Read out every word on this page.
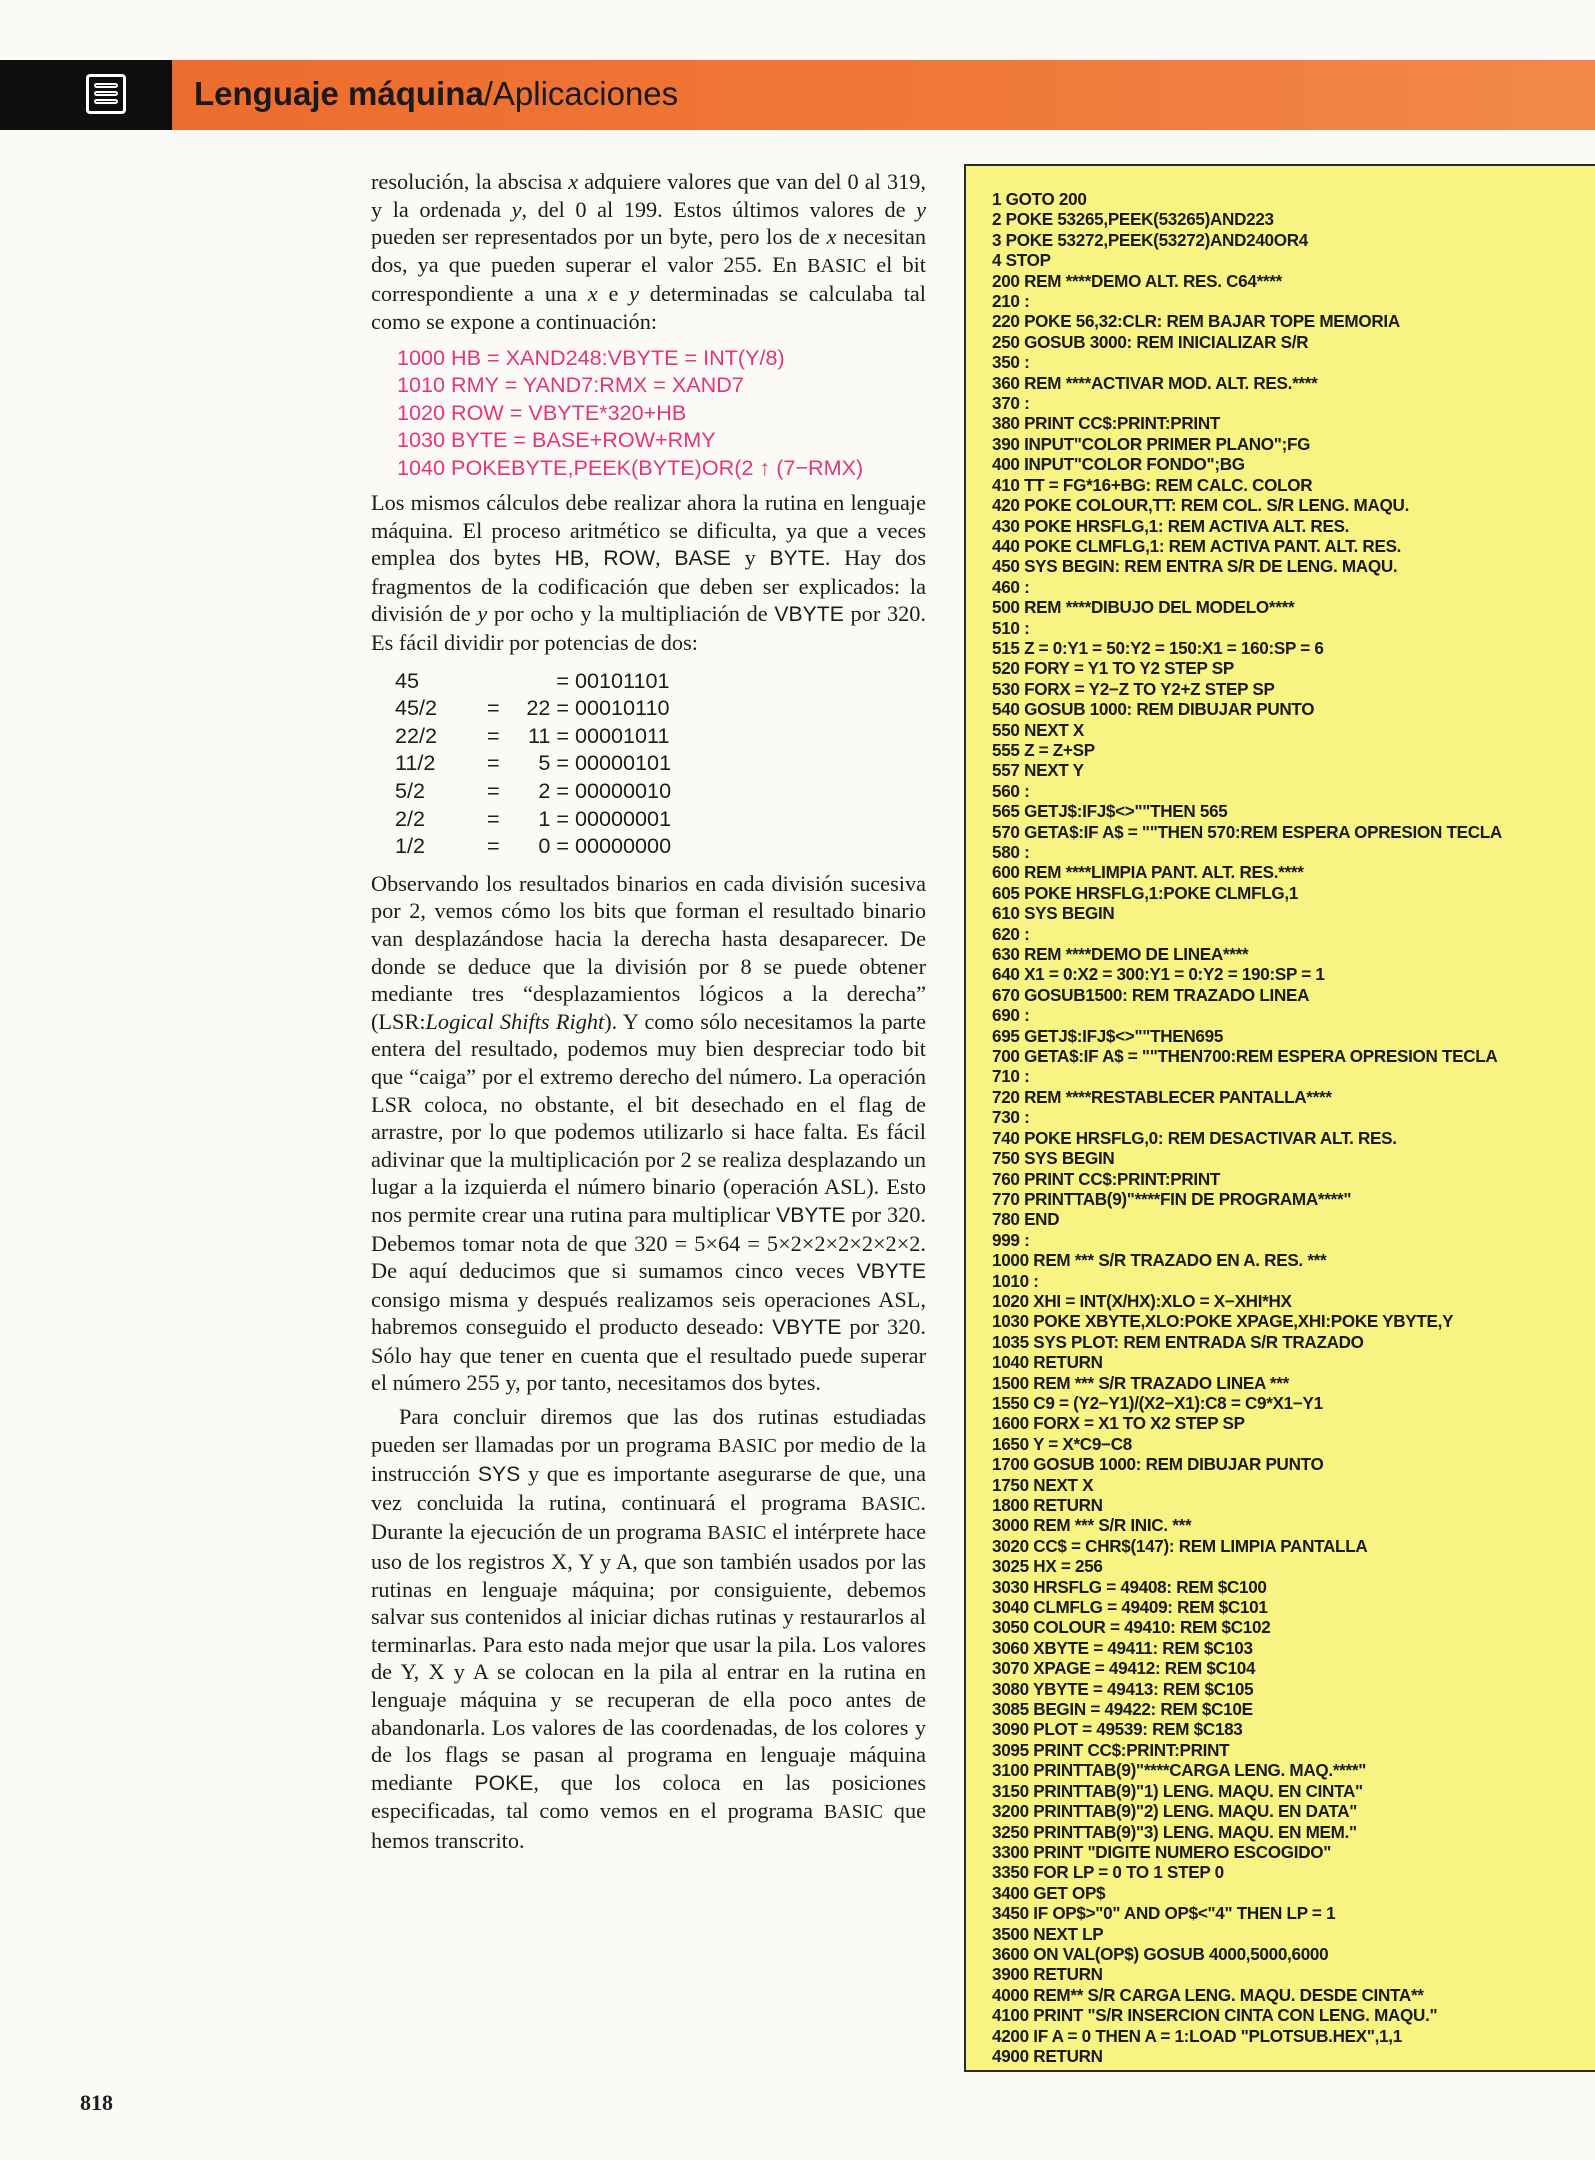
Lenguaje máquina/Aplicaciones

resolución, la abscisa x adquiere valores que van del 0 al 319, y la ordenada y, del 0 al 199. Estos últimos valores de y pueden ser representados por un byte, pero los de x necesitan dos, ya que pueden superar el valor 255. En BASIC el bit correspondiente a una x e y determinadas se calculaba tal como se expone a continuación:

1000 HB = XAND248:VBYTE = INT(Y/8)
1010 RMY = YAND7:RMX = XAND7
1020 ROW = VBYTE*320+HB
1030 BYTE = BASE+ROW+RMY
1040 POKEBYTE,PEEK(BYTE)OR(2 ↑ (7−RMX)

Los mismos cálculos debe realizar ahora la rutina en lenguaje máquina. El proceso aritmético se dificulta, ya que a veces emplea dos bytes HB, ROW, BASE y BYTE. Hay dos fragmentos de la codificación que deben ser explicados: la división de y por ocho y la multipliación de VBYTE por 320. Es fácil dividir por potencias de dos:

45		=	00101101
45/2	=	22 =	00010110
22/2	=	11 =	00001011
11/2	=	5 =	00000101
5/2	=	2 =	00000010
2/2	=	1 =	00000001
1/2	=	0 =	00000000

Observando los resultados binarios en cada división sucesiva por 2, vemos cómo los bits que forman el resultado binario van desplazándose hacia la derecha hasta desaparecer. De donde se deduce que la división por 8 se puede obtener mediante tres “desplazamientos lógicos a la derecha” (LSR:Logical Shifts Right). Y como sólo necesitamos la parte entera del resultado, podemos muy bien despreciar todo bit que “caiga” por el extremo derecho del número. La operación LSR coloca, no obstante, el bit desechado en el flag de arrastre, por lo que podemos utilizarlo si hace falta. Es fácil adivinar que la multiplicación por 2 se realiza desplazando un lugar a la izquierda el número binario (operación ASL). Esto nos permite crear una rutina para multiplicar VBYTE por 320. Debemos tomar nota de que 320 = 5×64 = 5×2×2×2×2×2×2. De aquí deducimos que si sumamos cinco veces VBYTE consigo misma y después realizamos seis operaciones ASL, habremos conseguido el producto deseado: VBYTE por 320. Sólo hay que tener en cuenta que el resultado puede superar el número 255 y, por tanto, necesitamos dos bytes.

Para concluir diremos que las dos rutinas estudiadas pueden ser llamadas por un programa BASIC por medio de la instrucción SYS y que es importante asegurarse de que, una vez concluida la rutina, continuará el programa BASIC. Durante la ejecución de un programa BASIC el intérprete hace uso de los registros X, Y y A, que son también usados por las rutinas en lenguaje máquina; por consiguiente, debemos salvar sus contenidos al iniciar dichas rutinas y restaurarlos al terminarlas. Para esto nada mejor que usar la pila. Los valores de Y, X y A se colocan en la pila al entrar en la rutina en lenguaje máquina y se recuperan de ella poco antes de abandonarla. Los valores de las coordenadas, de los colores y de los flags se pasan al programa en lenguaje máquina mediante POKE, que los coloca en las posiciones especificadas, tal como vemos en el programa BASIC que hemos transcrito.

1 GOTO 200
2 POKE 53265,PEEK(53265)AND223
3 POKE 53272,PEEK(53272)AND240OR4
4 STOP
200 REM ****DEMO ALT. RES. C64****
210 :
220 POKE 56,32:CLR: REM BAJAR TOPE MEMORIA
250 GOSUB 3000: REM INICIALIZAR S/R
350 :
360 REM ****ACTIVAR MOD. ALT. RES.****
370 :
380 PRINT CC$:PRINT:PRINT
390 INPUT"COLOR PRIMER PLANO";FG
400 INPUT"COLOR FONDO";BG
410 TT = FG*16+BG: REM CALC. COLOR
420 POKE COLOUR,TT: REM COL. S/R LENG. MAQU.
430 POKE HRSFLG,1: REM ACTIVA ALT. RES.
440 POKE CLMFLG,1: REM ACTIVA PANT. ALT. RES.
450 SYS BEGIN: REM ENTRA S/R DE LENG. MAQU.
460 :
500 REM ****DIBUJO DEL MODELO****
510 :
515 Z = 0:Y1 = 50:Y2 = 150:X1 = 160:SP = 6
520 FORY = Y1 TO Y2 STEP SP
530 FORX = Y2−Z TO Y2+Z STEP SP
540 GOSUB 1000: REM DIBUJAR PUNTO
550 NEXT X
555 Z = Z+SP
557 NEXT Y
560 :
565 GETJ$:IFJ$<>""THEN 565
570 GETA$:IF A$ = ""THEN 570:REM ESPERA OPRESION TECLA
580 :
600 REM ****LIMPIA PANT. ALT. RES.****
605 POKE HRSFLG,1:POKE CLMFLG,1
610 SYS BEGIN
620 :
630 REM ****DEMO DE LINEA****
640 X1 = 0:X2 = 300:Y1 = 0:Y2 = 190:SP = 1
670 GOSUB1500: REM TRAZADO LINEA
690 :
695 GETJ$:IFJ$<>""THEN695
700 GETA$:IF A$ = ""THEN700:REM ESPERA OPRESION TECLA
710 :
720 REM ****RESTABLECER PANTALLA****
730 :
740 POKE HRSFLG,0: REM DESACTIVAR ALT. RES.
750 SYS BEGIN
760 PRINT CC$:PRINT:PRINT
770 PRINTTAB(9)"****FIN DE PROGRAMA****"
780 END
999 :
1000 REM *** S/R TRAZADO EN A. RES. ***
1010 :
1020 XHI = INT(X/HX):XLO = X−XHI*HX
1030 POKE XBYTE,XLO:POKE XPAGE,XHI:POKE YBYTE,Y
1035 SYS PLOT: REM ENTRADA S/R TRAZADO
1040 RETURN
1500 REM *** S/R TRAZADO LINEA ***
1550 C9 = (Y2−Y1)/(X2−X1):C8 = C9*X1−Y1
1600 FORX = X1 TO X2 STEP SP
1650 Y = X*C9−C8
1700 GOSUB 1000: REM DIBUJAR PUNTO
1750 NEXT X
1800 RETURN
3000 REM *** S/R INIC. ***
3020 CC$ = CHR$(147): REM LIMPIA PANTALLA
3025 HX = 256
3030 HRSFLG = 49408: REM $C100
3040 CLMFLG = 49409: REM $C101
3050 COLOUR = 49410: REM $C102
3060 XBYTE = 49411: REM $C103
3070 XPAGE = 49412: REM $C104
3080 YBYTE = 49413: REM $C105
3085 BEGIN = 49422: REM $C10E
3090 PLOT = 49539: REM $C183
3095 PRINT CC$:PRINT:PRINT
3100 PRINTTAB(9)"****CARGA LENG. MAQ.****"
3150 PRINTTAB(9)"1) LENG. MAQU. EN CINTA"
3200 PRINTTAB(9)"2) LENG. MAQU. EN DATA"
3250 PRINTTAB(9)"3) LENG. MAQU. EN MEM."
3300 PRINT "DIGITE NUMERO ESCOGIDO"
3350 FOR LP = 0 TO 1 STEP 0
3400 GET OP$
3450 IF OP$>"0" AND OP$<"4" THEN LP = 1
3500 NEXT LP
3600 ON VAL(OP$) GOSUB 4000,5000,6000
3900 RETURN
4000 REM** S/R CARGA LENG. MAQU. DESDE CINTA**
4100 PRINT "S/R INSERCION CINTA CON LENG. MAQU."
4200 IF A = 0 THEN A = 1:LOAD "PLOTSUB.HEX",1,1
4900 RETURN
818
